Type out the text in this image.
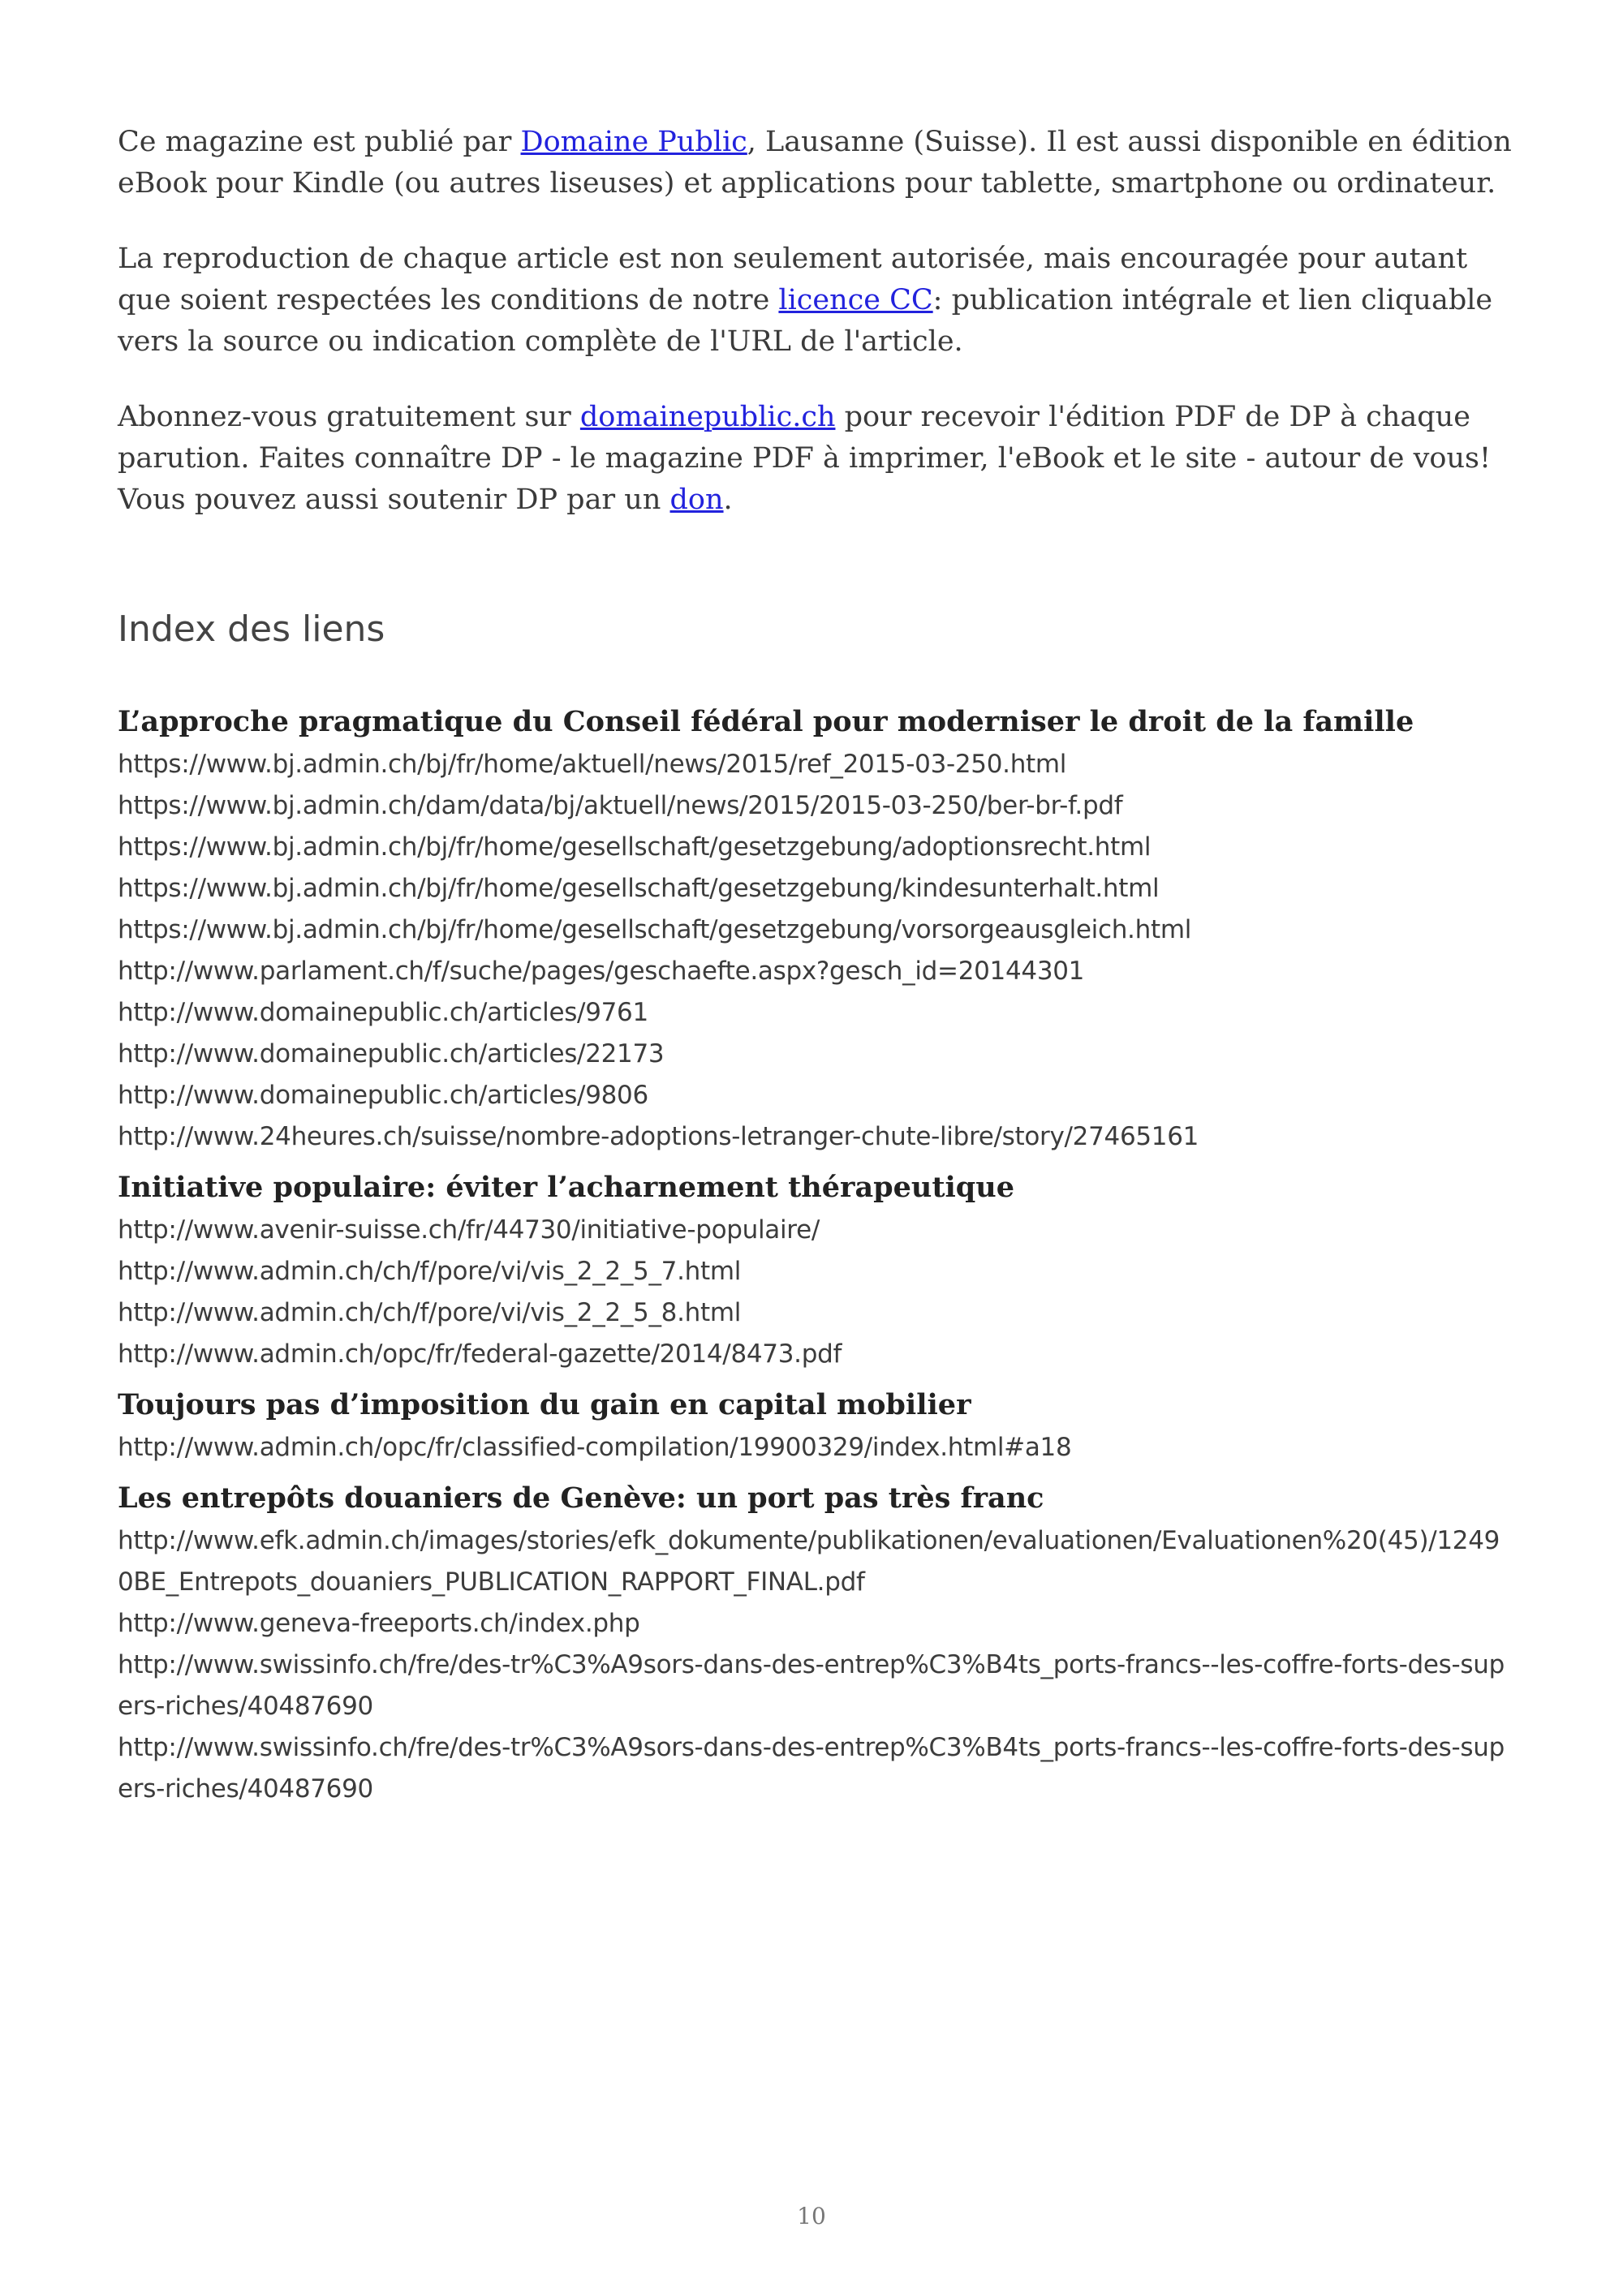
Ce magazine est publié par Domaine Public, Lausanne (Suisse). Il est aussi disponible en édition eBook pour Kindle (ou autres liseuses) et applications pour tablette, smartphone ou ordinateur.

La reproduction de chaque article est non seulement autorisée, mais encouragée pour autant que soient respectées les conditions de notre licence CC: publication intégrale et lien cliquable vers la source ou indication complète de l'URL de l'article.

Abonnez-vous gratuitement sur domainepublic.ch pour recevoir l'édition PDF de DP à chaque parution. Faites connaître DP - le magazine PDF à imprimer, l'eBook et le site - autour de vous! Vous pouvez aussi soutenir DP par un don.

Index des liens
L’approche pragmatique du Conseil fédéral pour moderniser le droit de la famille
https://www.bj.admin.ch/bj/fr/home/aktuell/news/2015/ref_2015-03-250.html
https://www.bj.admin.ch/dam/data/bj/aktuell/news/2015/2015-03-250/ber-br-f.pdf
https://www.bj.admin.ch/bj/fr/home/gesellschaft/gesetzgebung/adoptionsrecht.html
https://www.bj.admin.ch/bj/fr/home/gesellschaft/gesetzgebung/kindesunterhalt.html
https://www.bj.admin.ch/bj/fr/home/gesellschaft/gesetzgebung/vorsorgeausgleich.html
http://www.parlament.ch/f/suche/pages/geschaefte.aspx?gesch_id=20144301
http://www.domainepublic.ch/articles/9761
http://www.domainepublic.ch/articles/22173
http://www.domainepublic.ch/articles/9806
http://www.24heures.ch/suisse/nombre-adoptions-letranger-chute-libre/story/27465161
Initiative populaire: éviter l’acharnement thérapeutique
http://www.avenir-suisse.ch/fr/44730/initiative-populaire/
http://www.admin.ch/ch/f/pore/vi/vis_2_2_5_7.html
http://www.admin.ch/ch/f/pore/vi/vis_2_2_5_8.html
http://www.admin.ch/opc/fr/federal-gazette/2014/8473.pdf
Toujours pas d’imposition du gain en capital mobilier
http://www.admin.ch/opc/fr/classified-compilation/19900329/index.html#a18
Les entrepôts douaniers de Genève: un port pas très franc
http://www.efk.admin.ch/images/stories/efk_dokumente/publikationen/evaluationen/Evaluationen%20(45)/12490BE_Entrepots_douaniers_PUBLICATION_RAPPORT_FINAL.pdf
http://www.geneva-freeports.ch/index.php
http://www.swissinfo.ch/fre/des-tr%C3%A9sors-dans-des-entrep%C3%B4ts_ports-francs--les-coffre-forts-des-supers-riches/40487690
http://www.swissinfo.ch/fre/des-tr%C3%A9sors-dans-des-entrep%C3%B4ts_ports-francs--les-coffre-forts-des-supers-riches/40487690
10
